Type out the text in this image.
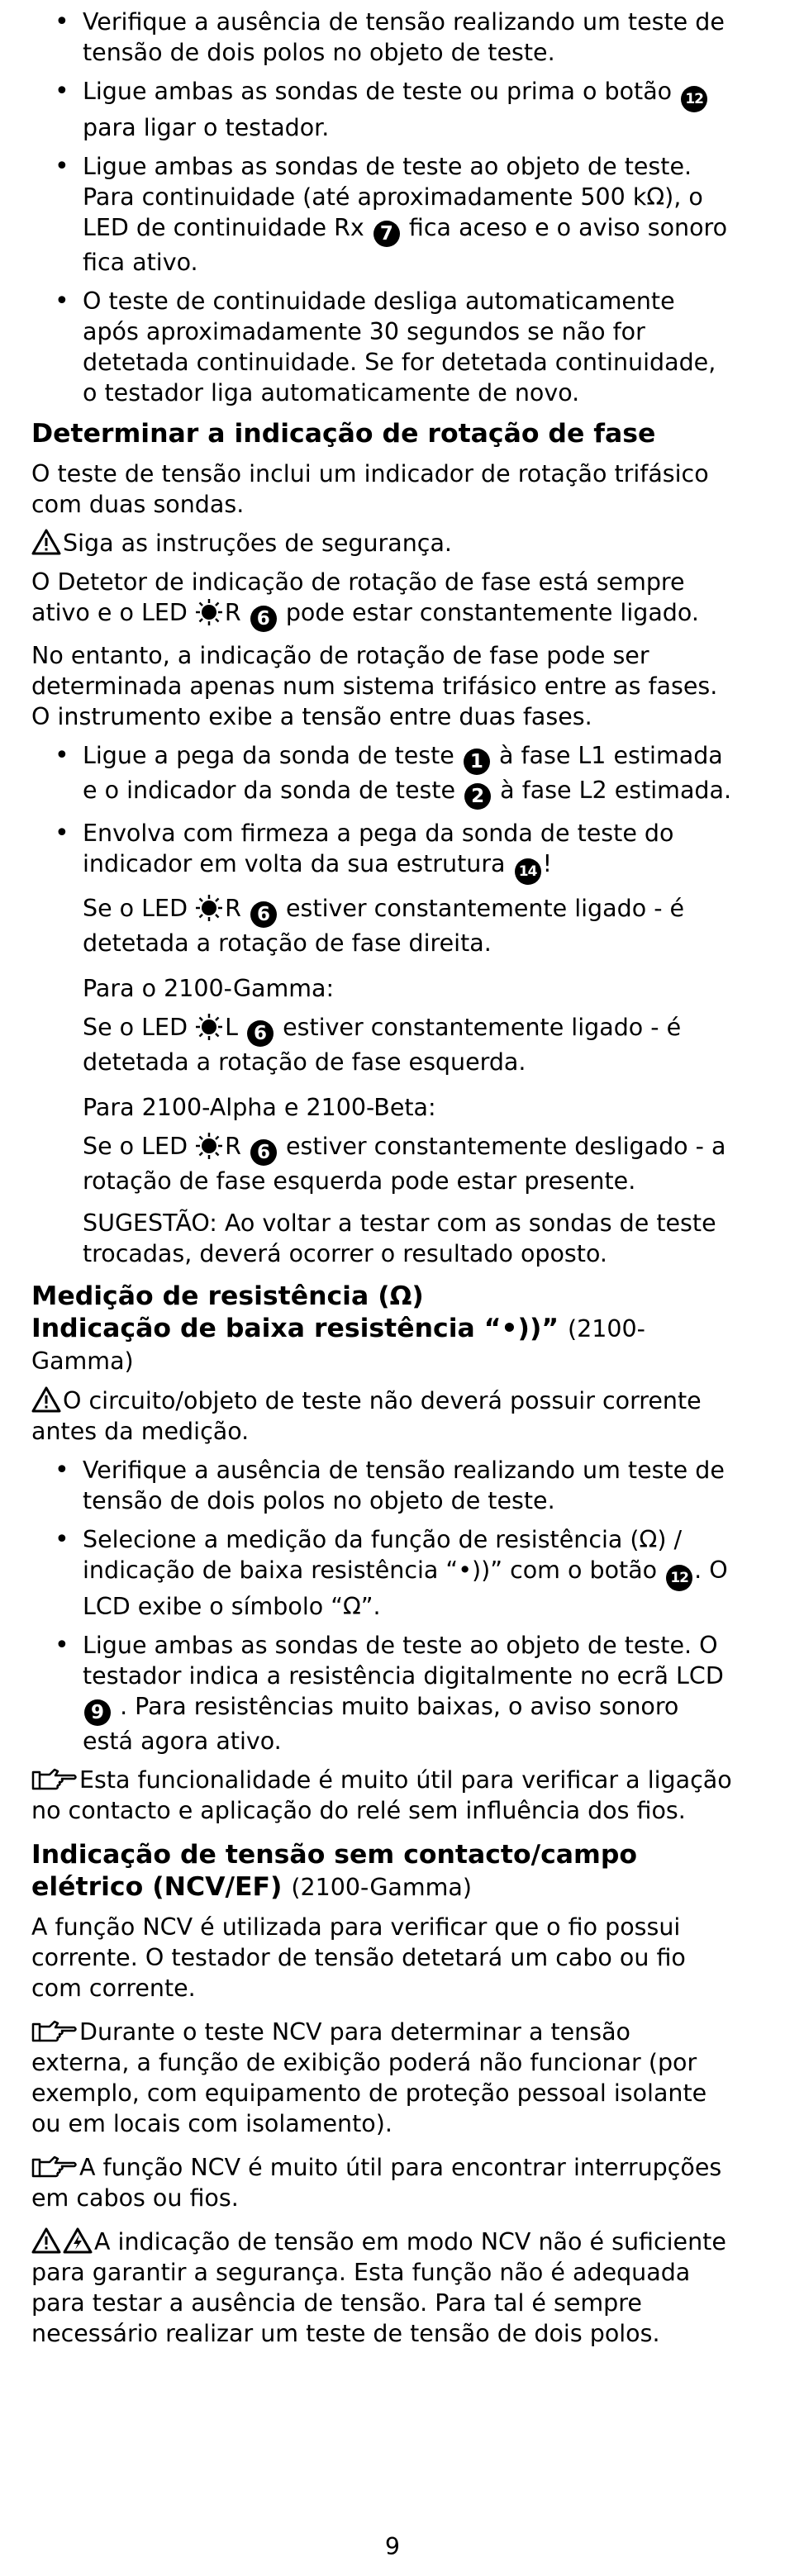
• Verifique a ausência de tensão realizando um teste de tensão de dois polos no objeto de teste.
• Ligue ambas as sondas de teste ou prima o botão 12 para ligar o testador.
• Ligue ambas as sondas de teste ao objeto de teste. Para continuidade (até aproximadamente 500 kΩ), o LED de continuidade Rx 7 fica aceso e o aviso sonoro fica ativo.
• O teste de continuidade desliga automaticamente após aproximadamente 30 segundos se não for detetada continuidade. Se for detetada continuidade, o testador liga automaticamente de novo.
Determinar a indicação de rotação de fase

O teste de tensão inclui um indicador de rotação trifásico com duas sondas.

Siga as instruções de segurança.

O Detetor de indicação de rotação de fase está sempre ativo e o LED R 6 pode estar constantemente ligado.

No entanto, a indicação de rotação de fase pode ser determinada apenas num sistema trifásico entre as fases. O instrumento exibe a tensão entre duas fases.

• Ligue a pega da sonda de teste 1 à fase L1 estimada e o indicador da sonda de teste 2 à fase L2 estimada.
• Envolva com firmeza a pega da sonda de teste do indicador em volta da sua estrutura 14 !
Se o LED R 6 estiver constantemente ligado - é detetada a rotação de fase direita.
Para o 2100-Gamma:
Se o LED L 6 estiver constantemente ligado - é detetada a rotação de fase esquerda.
Para 2100-Alpha e 2100-Beta:
Se o LED R 6 estiver constantemente desligado - a rotação de fase esquerda pode estar presente.
SUGESTÃO: Ao voltar a testar com as sondas de teste trocadas, deverá ocorrer o resultado oposto.
Medição de resistência (Ω)
Indicação de baixa resistência “•))” (2100-Gamma)

O circuito/objeto de teste não deverá possuir corrente antes da medição.

• Verifique a ausência de tensão realizando um teste de tensão de dois polos no objeto de teste.
• Selecione a medição da função de resistência (Ω) / indicação de baixa resistência “•))” com o botão 12 . O LCD exibe o símbolo “Ω”.
• Ligue ambas as sondas de teste ao objeto de teste. O testador indica a resistência digitalmente no ecrã LCD 9 . Para resistências muito baixas, o aviso sonoro está agora ativo.

Esta funcionalidade é muito útil para verificar a ligação no contacto e aplicação do relé sem influência dos fios.

Indicação de tensão sem contacto/campo elétrico (NCV/EF) (2100-Gamma)

A função NCV é utilizada para verificar que o fio possui corrente. O testador de tensão detetará um cabo ou fio com corrente.

Durante o teste NCV para determinar a tensão externa, a função de exibição poderá não funcionar (por exemplo, com equipamento de proteção pessoal isolante ou em locais com isolamento).

A função NCV é muito útil para encontrar interrupções em cabos ou fios.

A indicação de tensão em modo NCV não é suficiente para garantir a segurança. Esta função não é adequada para testar a ausência de tensão. Para tal é sempre necessário realizar um teste de tensão de dois polos.

9
